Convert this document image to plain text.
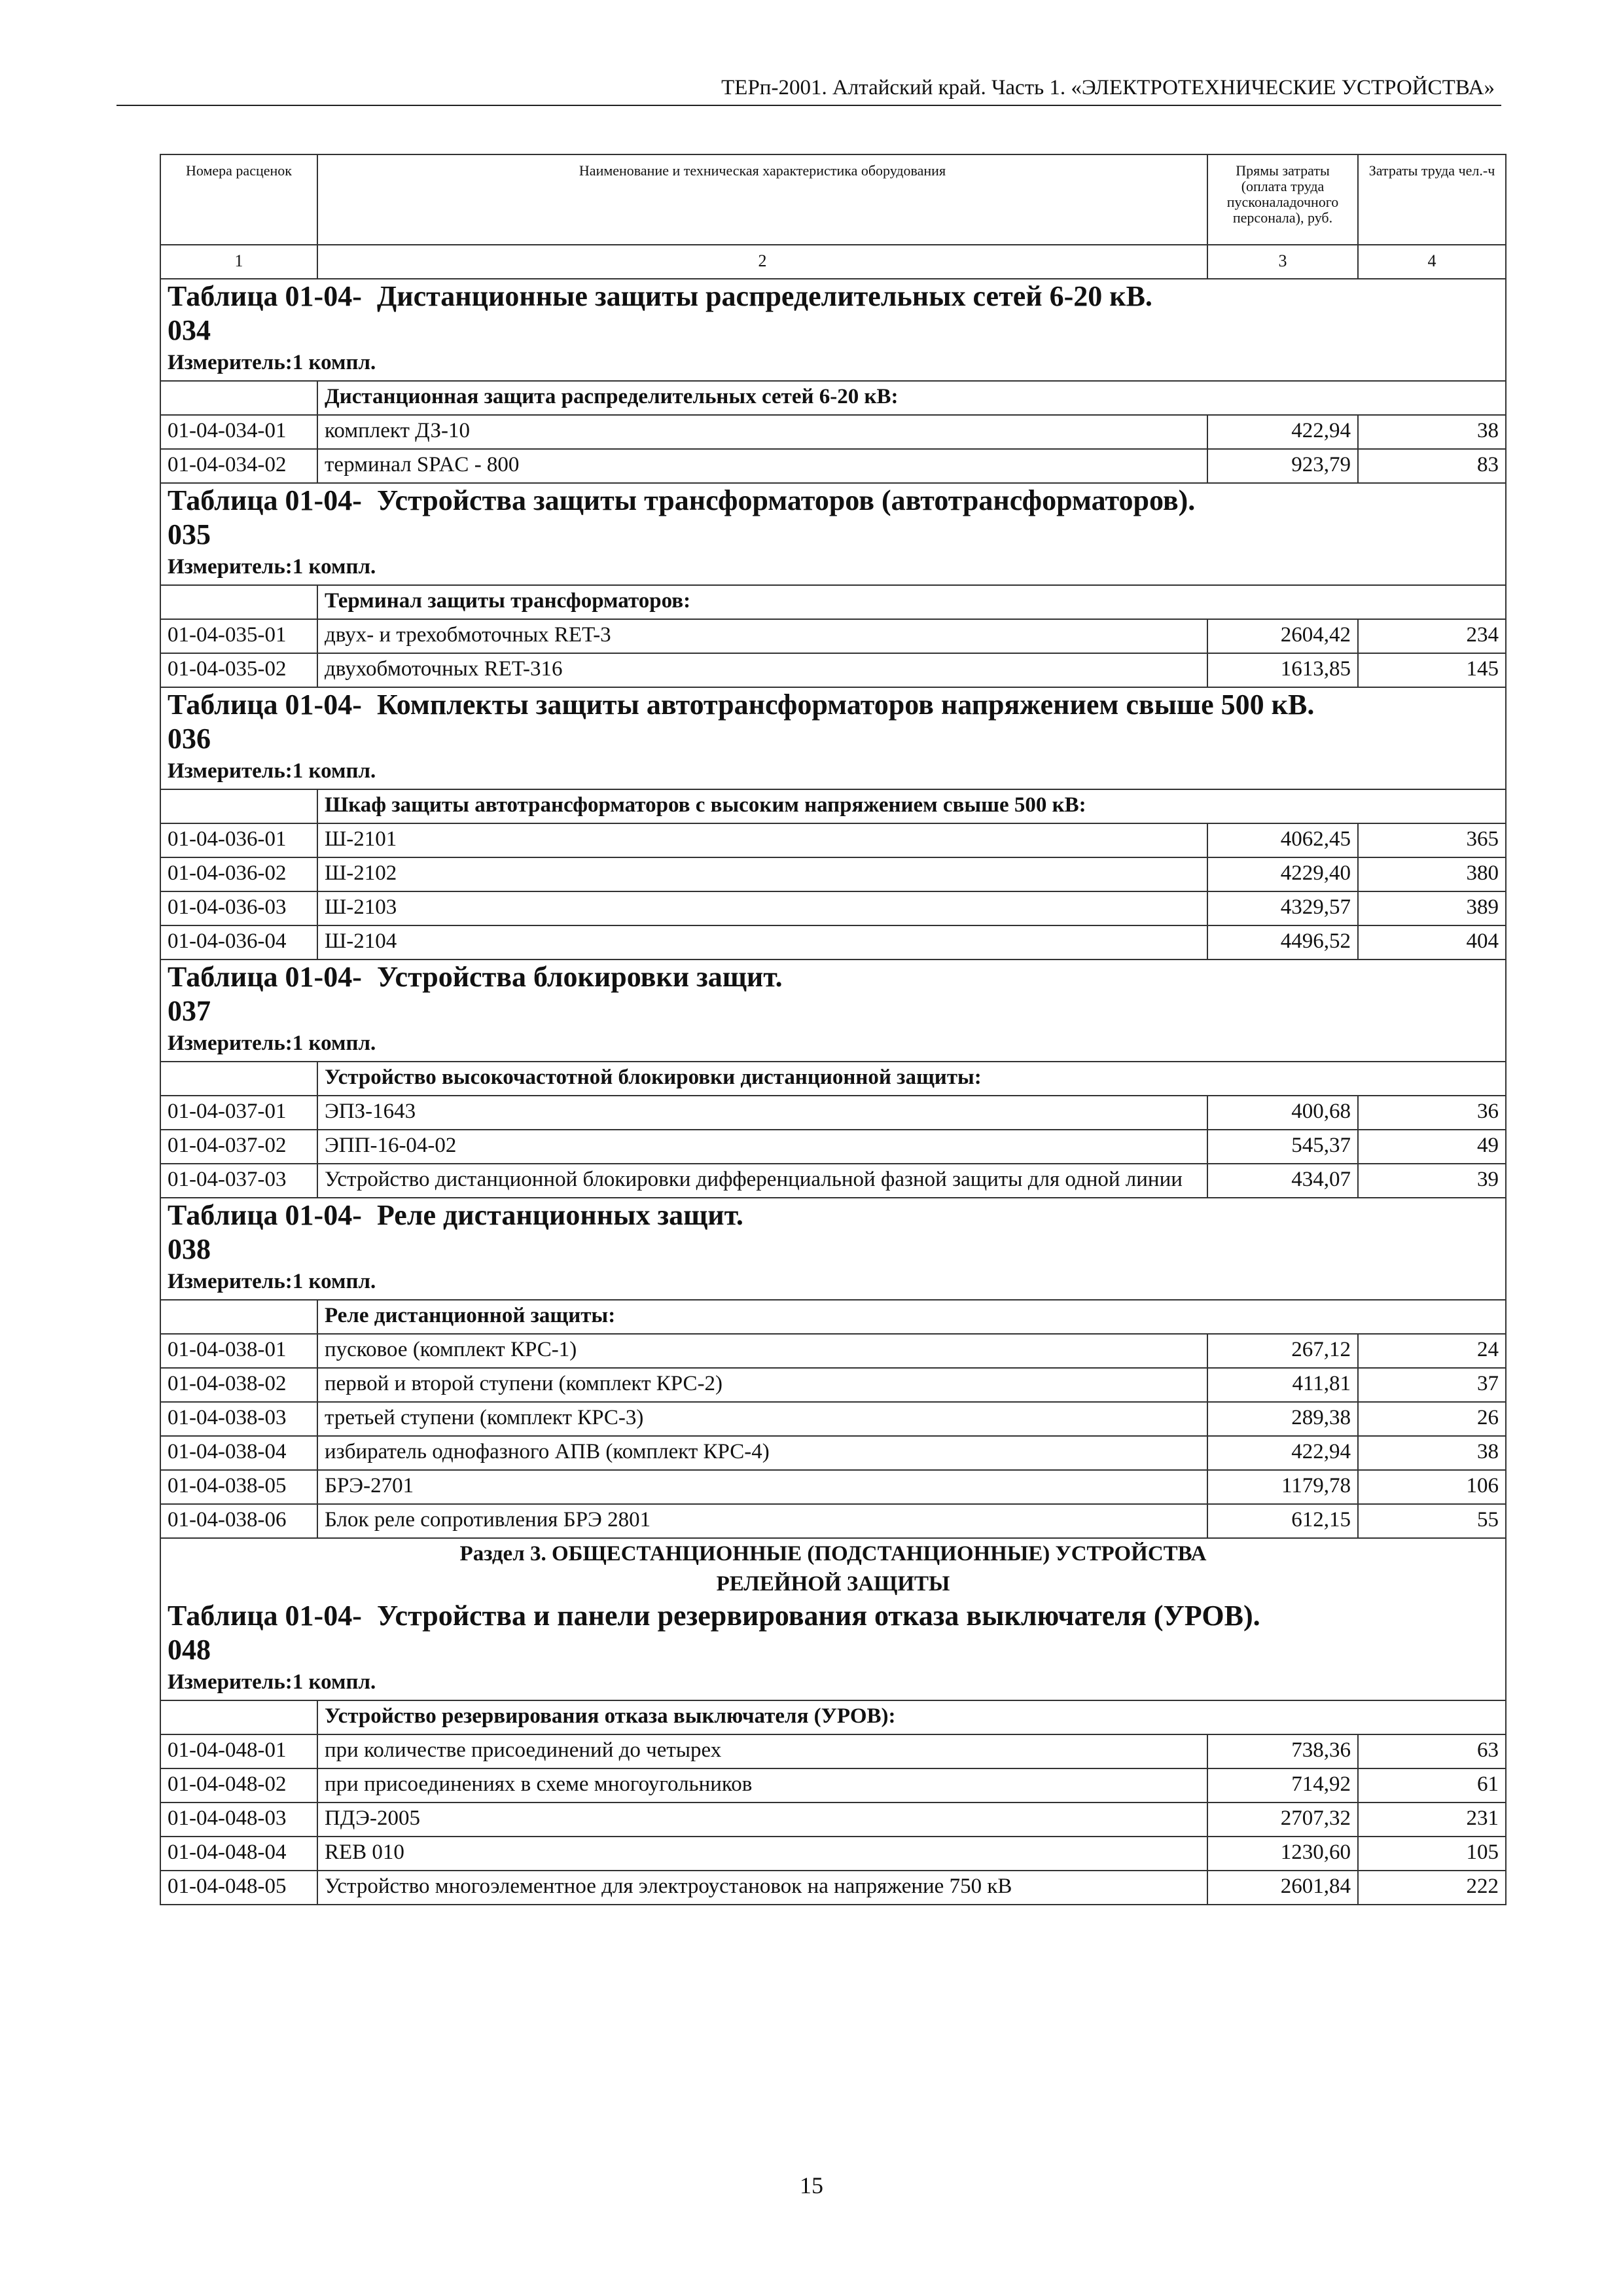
ТЕРп-2001. Алтайский край. Часть 1. «ЭЛЕКТРОТЕХНИЧЕСКИЕ УСТРОЙСТВА»
Номера расценок	Наименование и техническая характеристика оборудования	Прямы затраты (оплата труда пусконаладочного персонала), руб.	Затраты труда чел.-ч
1	2	3	4

Таблица 01-04-034
Дистанционные защиты распределительных сетей 6-20 кВ.			

Измеритель:1 компл.			
	Дистанционная защита распределительных сетей 6-20 кВ:		
01-04-034-01	комплект ДЗ-10	422,94	38
01-04-034-02	терминал SPAC - 800	923,79	83

Таблица 01-04-035
Устройства защиты трансформаторов (автотрансформаторов).			

Измеритель:1 компл.			
	Терминал защиты трансформаторов:		
01-04-035-01	двух- и трехобмоточных RET-3	2604,42	234
01-04-035-02	двухобмоточных RET-316	1613,85	145

Таблица 01-04-036
Комплекты защиты автотрансформаторов напряжением свыше 500 кВ.			

Измеритель:1 компл.			
	Шкаф защиты автотрансформаторов с высоким напряжением свыше 500 кВ:		
01-04-036-01	Ш-2101	4062,45	365
01-04-036-02	Ш-2102	4229,40	380
01-04-036-03	Ш-2103	4329,57	389
01-04-036-04	Ш-2104	4496,52	404

Таблица 01-04-037
Устройства блокировки защит.			

Измеритель:1 компл.			
	Устройство высокочастотной блокировки дистанционной защиты:		
01-04-037-01	ЭПЗ-1643	400,68	36
01-04-037-02	ЭПП-16-04-02	545,37	49
01-04-037-03	Устройство дистанционной блокировки дифференциальной фазной защиты для одной линии	434,07	39

Таблица 01-04-038
Реле дистанционных защит.			

Измеритель:1 компл.			
	Реле дистанционной защиты:		
01-04-038-01	пусковое (комплект КРС-1)	267,12	24
01-04-038-02	первой и второй ступени (комплект КРС-2)	411,81	37
01-04-038-03	третьей ступени (комплект КРС-3)	289,38	26
01-04-038-04	избиратель однофазного АПВ (комплект КРС-4)	422,94	38
01-04-038-05	БРЭ-2701	1179,78	106
01-04-038-06	Блок реле сопротивления БРЭ 2801	612,15	55

Раздел 3. ОБЩЕСТАНЦИОННЫЕ (ПОДСТАНЦИОННЫЕ) УСТРОЙСТВА
РЕЛЕЙНОЙ ЗАЩИТЫ			

Таблица 01-04-048
Устройства и панели резервирования отказа выключателя (УРОВ).			

Измеритель:1 компл.			
	Устройство резервирования отказа выключателя (УРОВ):		
01-04-048-01	при количестве присоединений до четырех	738,36	63
01-04-048-02	при присоединениях в схеме многоугольников	714,92	61
01-04-048-03	ПДЭ-2005	2707,32	231
01-04-048-04	REB 010	1230,60	105
01-04-048-05	Устройство многоэлементное для электроустановок на напряжение 750 кВ	2601,84	222
15
